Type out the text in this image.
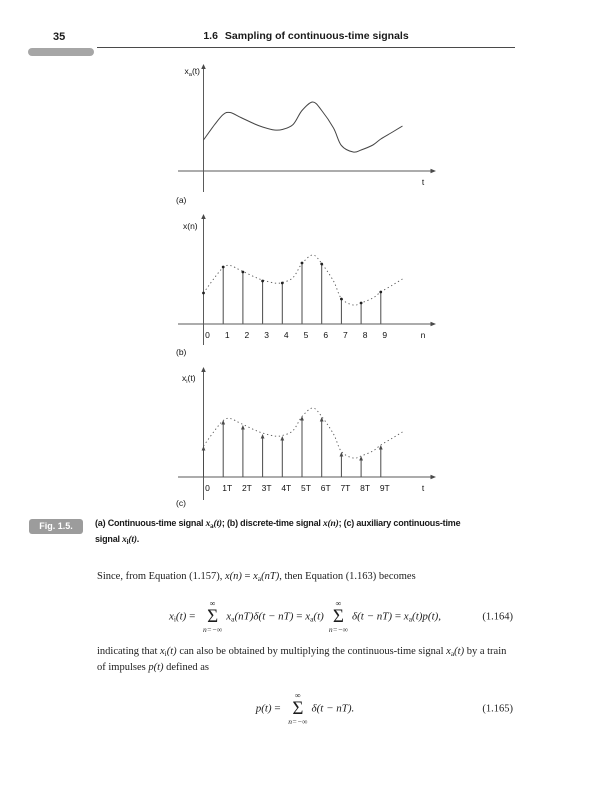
35	1.6 Sampling of continuous-time signals
t
0 1 2 3 4 5 6 7 8 9	n
0 1T 2T 3T 4T 5T 6T 7T 8T 9T	t
$x_a(t)$
x(n)
$x_i(t)$
(a)
(b)
(c)
Fig. 1.5.	(a) Continuous-time signal xa(t); (b) discrete-time signal x(n); (c) auxiliary continuous-time
signal xi(t).
Since, from Equation (1.157), x(n) = xa(nT), then Equation (1.163) becomes
xi(t) =
∞
Σ
n=−∞
xa(nT)δ(t − nT) = xa(t)
∞
Σ
n=−∞
δ(t − nT) = xa(t)p(t),	(1.164)
indicating that xi(t) can also be obtained by multiplying the continuous-time signal xa(t) by a train of impulses p(t) defined as
p(t) =
∞
Σ
n=−∞
δ(t − nT).	(1.165)
